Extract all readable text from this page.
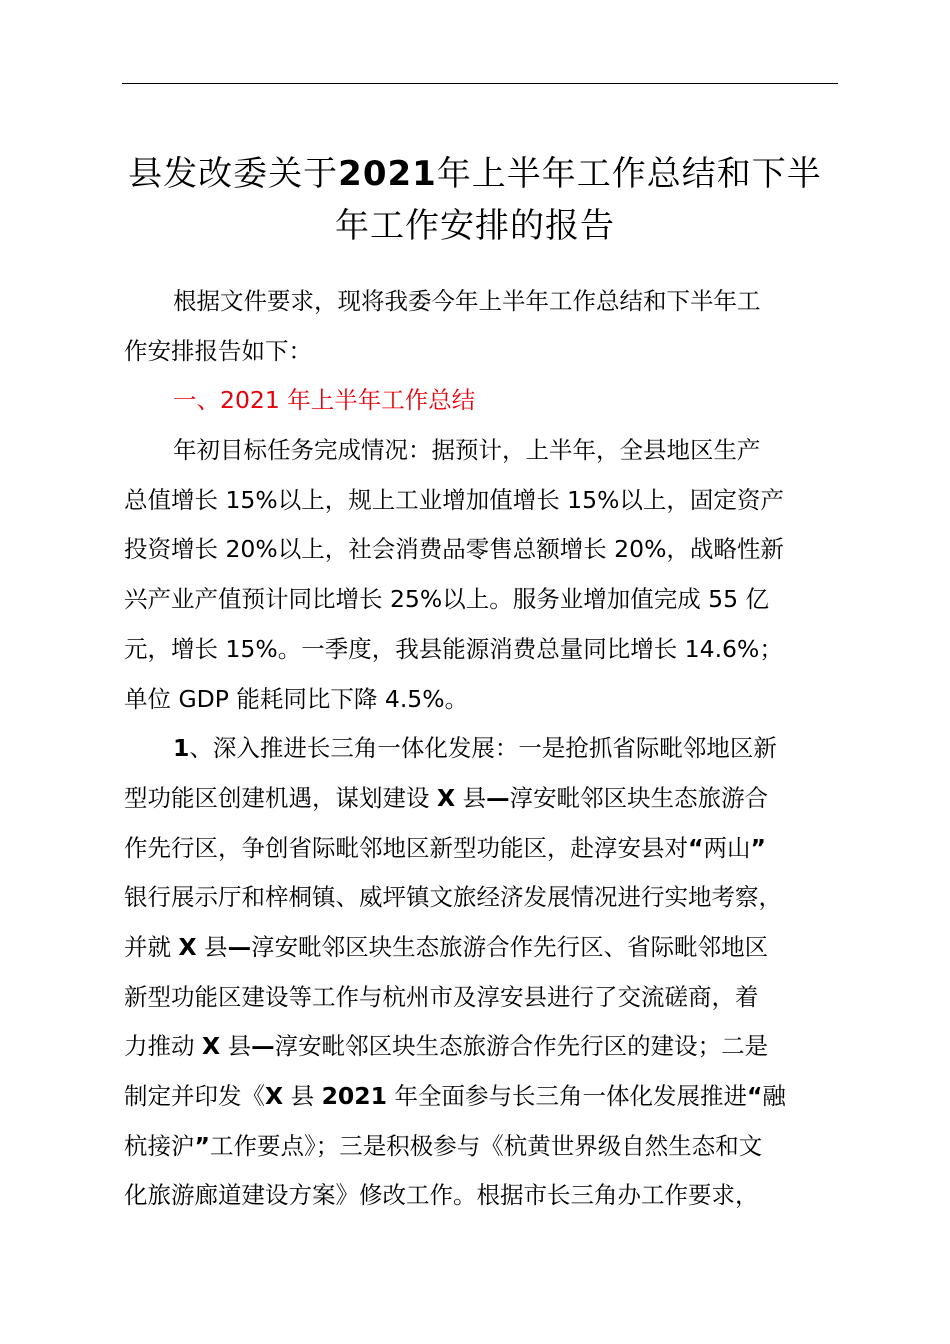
县发改委关于2021年上半年工作总结和下半
年工作安排的报告
根据文件要求，现将我委今年上半年工作总结和下半年工
作安排报告如下：
一、2021 年上半年工作总结
年初目标任务完成情况：据预计，上半年，全县地区生产
总值增长 15%以上，规上工业增加值增长 15%以上，固定资产
投资增长 20%以上，社会消费品零售总额增长 20%，战略性新
兴产业产值预计同比增长 25%以上。服务业增加值完成 55 亿
元，增长 15%。一季度，我县能源消费总量同比增长 14.6%；
单位 GDP 能耗同比下降 4.5%。
1、深入推进长三角一体化发展：一是抢抓省际毗邻地区新
型功能区创建机遇，谋划建设 X 县—淳安毗邻区块生态旅游合
作先行区，争创省际毗邻地区新型功能区，赴淳安县对“两山”
银行展示厅和梓桐镇、威坪镇文旅经济发展情况进行实地考察，
并就 X 县—淳安毗邻区块生态旅游合作先行区、省际毗邻地区
新型功能区建设等工作与杭州市及淳安县进行了交流磋商，着
力推动 X 县—淳安毗邻区块生态旅游合作先行区的建设；二是
制定并印发《X 县 2021 年全面参与长三角一体化发展推进“融
杭接沪”工作要点》；三是积极参与《杭黄世界级自然生态和文
化旅游廊道建设方案》修改工作。根据市长三角办工作要求，
